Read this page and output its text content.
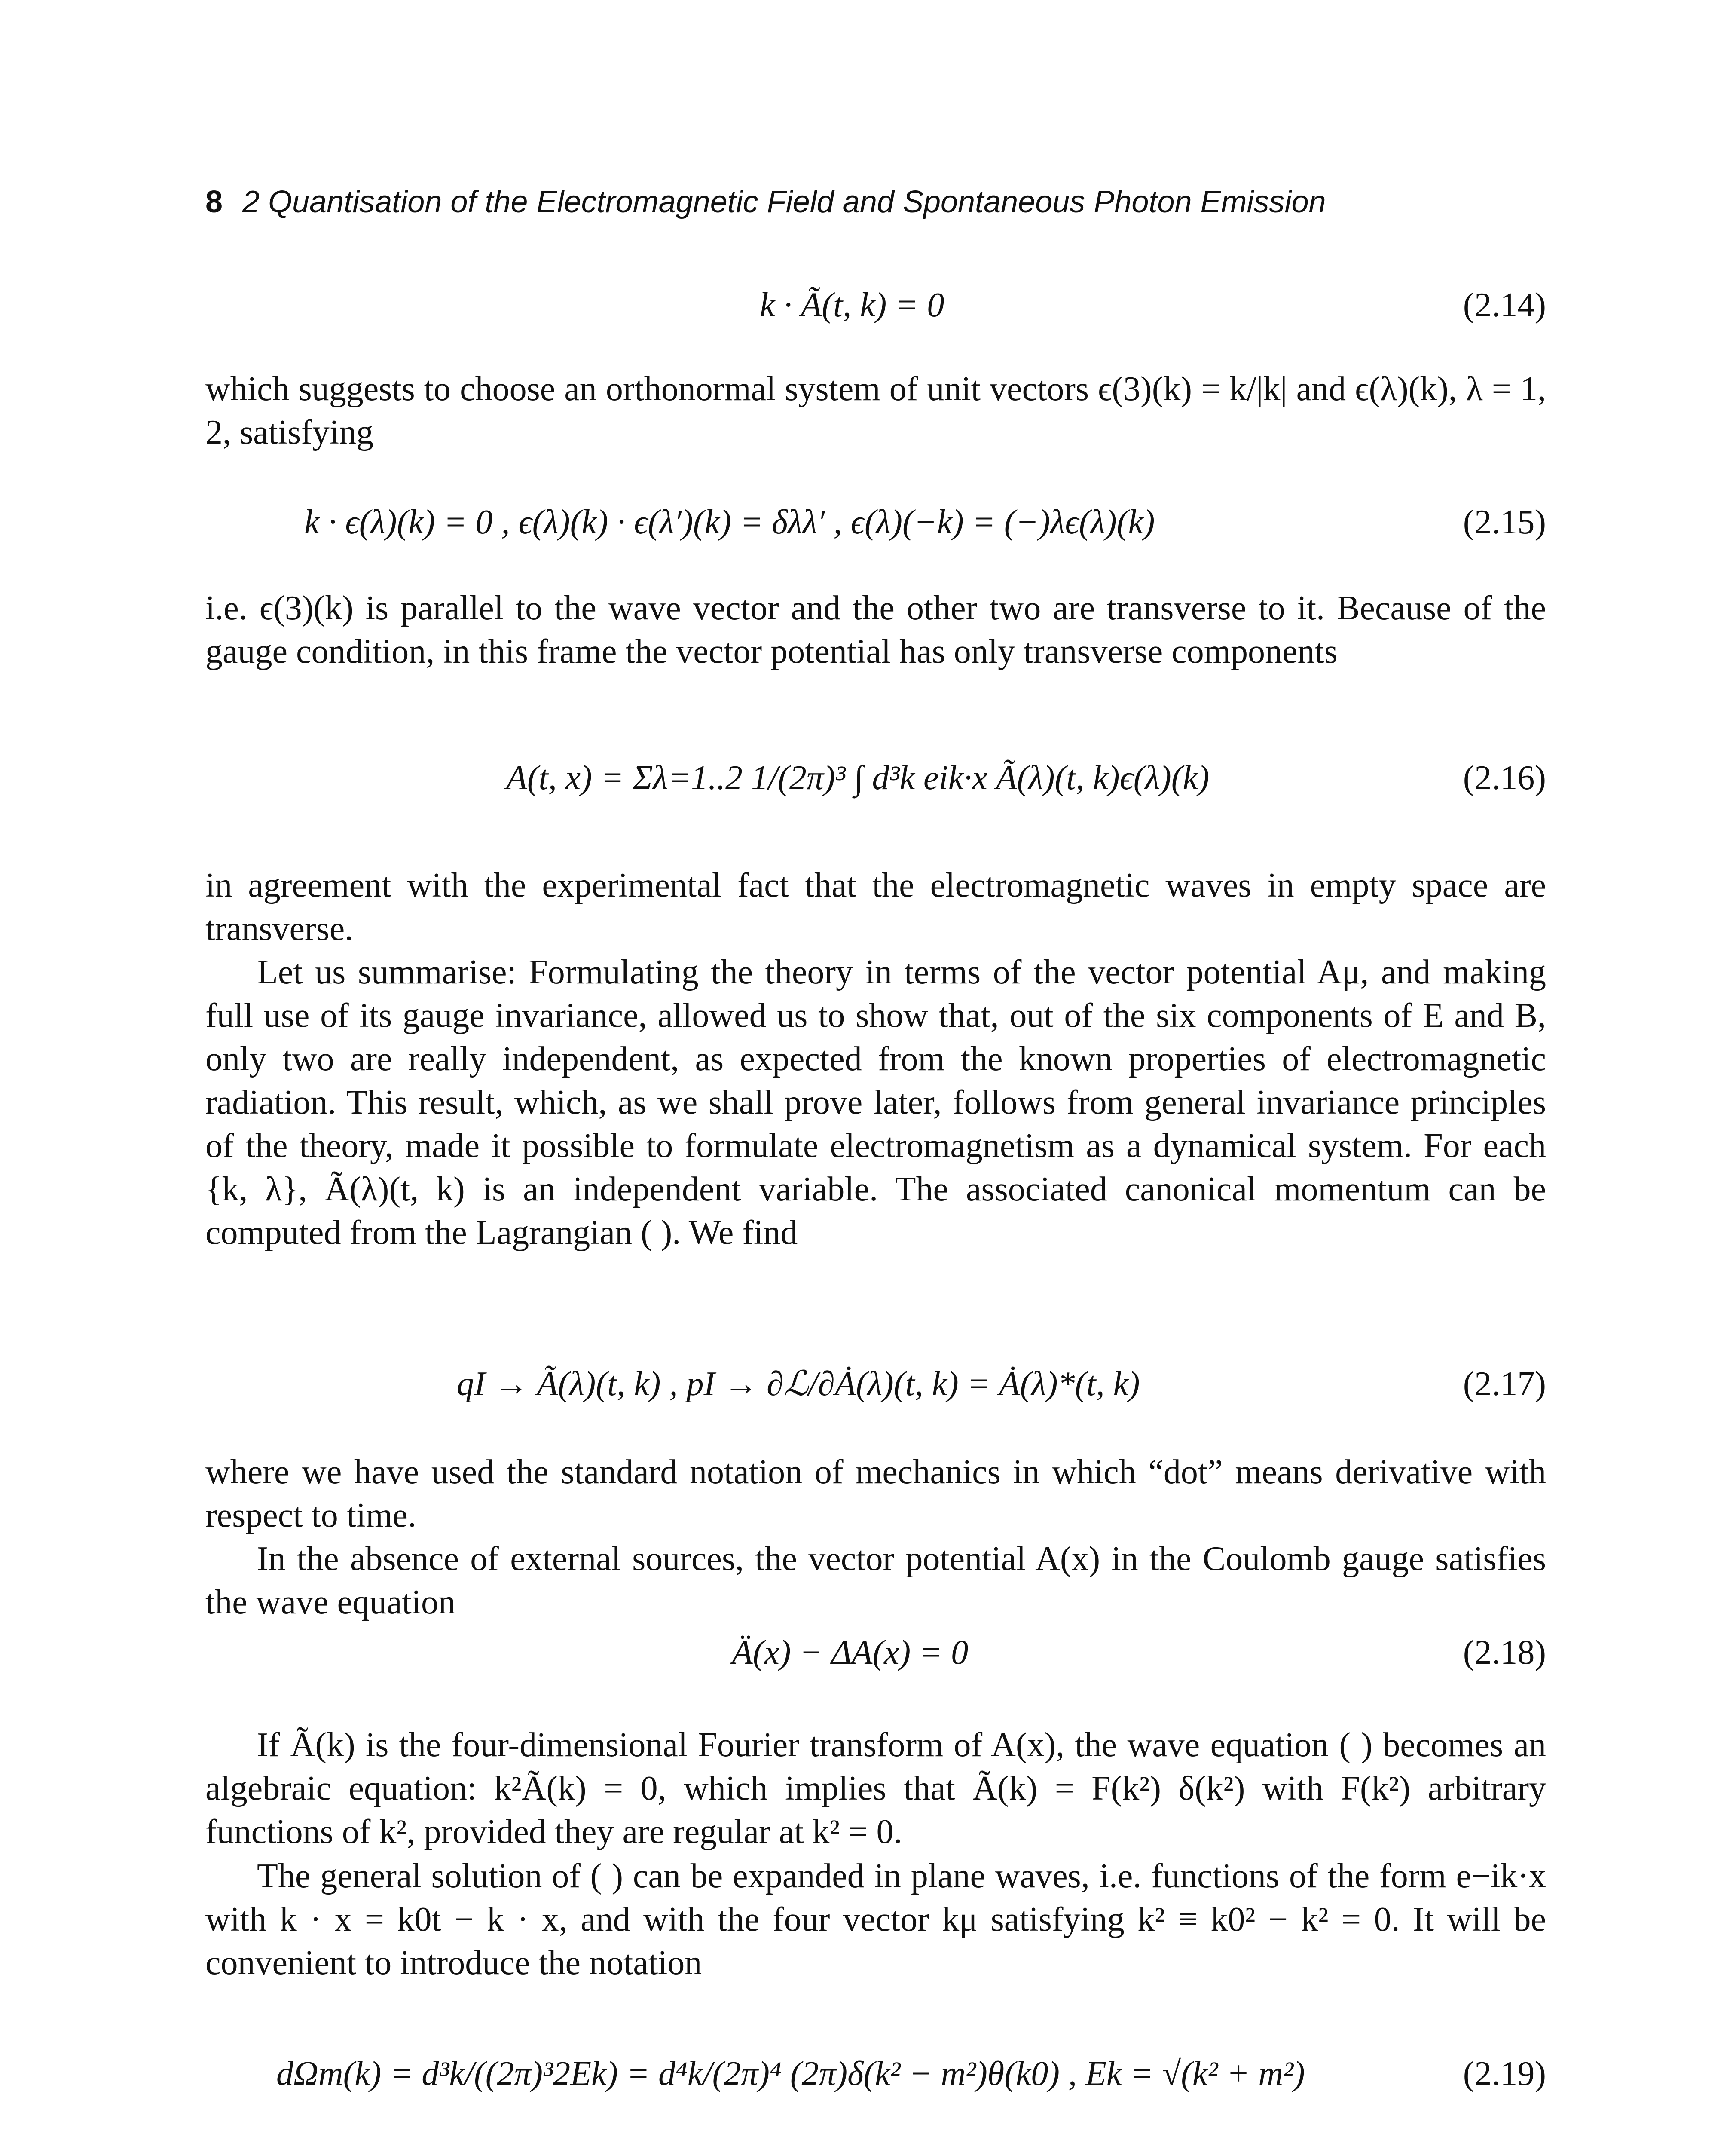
8 2 Quantisation of the Electromagnetic Field and Spontaneous Photon Emission
k · Ã(t, k) = 0	(2.14)

which suggests to choose an orthonormal system of unit vectors ϵ(3)(k) = k/|k| and ϵ(λ)(k), λ = 1, 2, satisfying

k · ϵ(λ)(k) = 0 , ϵ(λ)(k) · ϵ(λ′)(k) = δλλ′ , ϵ(λ)(−k) = (−)λϵ(λ)(k)	(2.15)

i.e. ϵ(3)(k) is parallel to the wave vector and the other two are transverse to it. Because of the gauge condition, in this frame the vector potential has only transverse components

A(t, x) = Σλ=1..2 1/(2π)³ ∫ d³k eik·x Ã(λ)(t, k)ϵ(λ)(k)	(2.16)

in agreement with the experimental fact that the electromagnetic waves in empty space are transverse.

Let us summarise: Formulating the theory in terms of the vector potential Aμ, and making full use of its gauge invariance, allowed us to show that, out of the six components of E and B, only two are really independent, as expected from the known properties of electromagnetic radiation. This result, which, as we shall prove later, follows from general invariance principles of the theory, made it possible to formulate electromagnetism as a dynamical system. For each {k, λ}, Ã(λ)(t, k) is an independent variable. The associated canonical momentum can be computed from the Lagrangian ( ). We find

qI → Ã(λ)(t, k) , pI → ∂ℒ/∂Ȧ(λ)(t, k) = Ȧ(λ)*(t, k)	(2.17)

where we have used the standard notation of mechanics in which “dot” means derivative with respect to time.

In the absence of external sources, the vector potential A(x) in the Coulomb gauge satisfies the wave equation

Ä(x) − ΔA(x) = 0	(2.18)

If Ã(k) is the four-dimensional Fourier transform of A(x), the wave equation ( ) becomes an algebraic equation: k²Ã(k) = 0, which implies that Ã(k) = F(k²) δ(k²) with F(k²) arbitrary functions of k², provided they are regular at k² = 0.

The general solution of ( ) can be expanded in plane waves, i.e. functions of the form e−ik·x with k · x = k0t − k · x, and with the four vector kμ satisfying k² ≡ k0² − k² = 0. It will be convenient to introduce the notation

dΩm(k) = d³k/((2π)³2Ek) = d⁴k/(2π)⁴ (2π)δ(k² − m²)θ(k0) , Ek = √(k² + m²)	(2.19)
